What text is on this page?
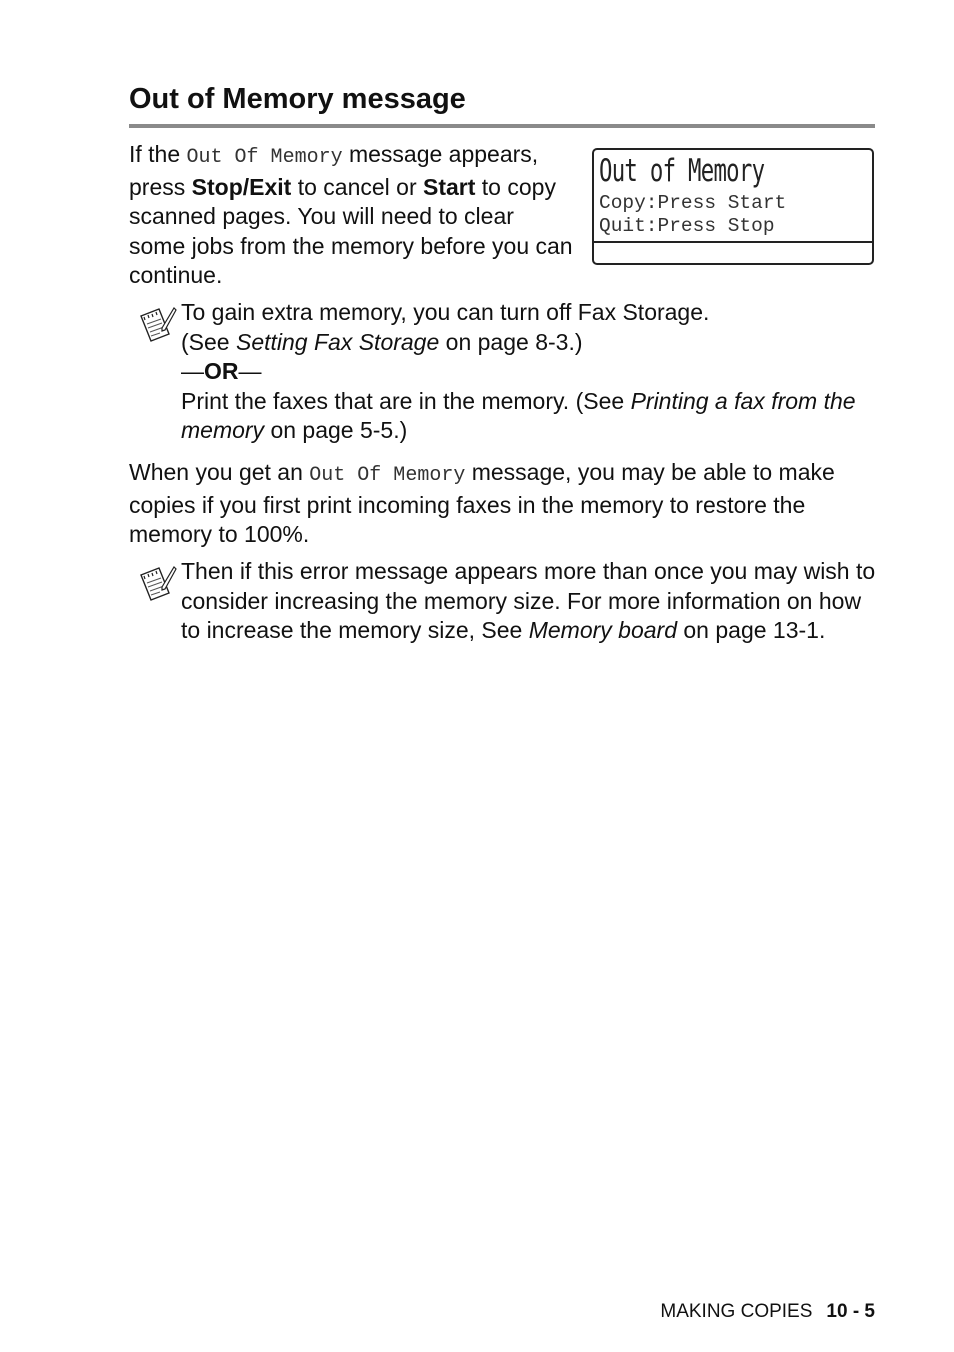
Out of Memory message

If the Out Of Memory message appears, press Stop/Exit to cancel or Start to copy scanned pages. You will need to clear some jobs from the memory before you can continue.

Out of Memory
Copy:Press Start
Quit:Press Stop
To gain extra memory, you can turn off Fax Storage.
(See Setting Fax Storage on page 8-3.)
—OR—
Print the faxes that are in the memory. (See Printing a fax from the memory on page 5-5.)

When you get an Out Of Memory message, you may be able to make copies if you first print incoming faxes in the memory to restore the memory to 100%.

Then if this error message appears more than once you may wish to consider increasing the memory size. For more information on how to increase the memory size, See Memory board on page 13-1.

MAKING COPIES 10 - 5
